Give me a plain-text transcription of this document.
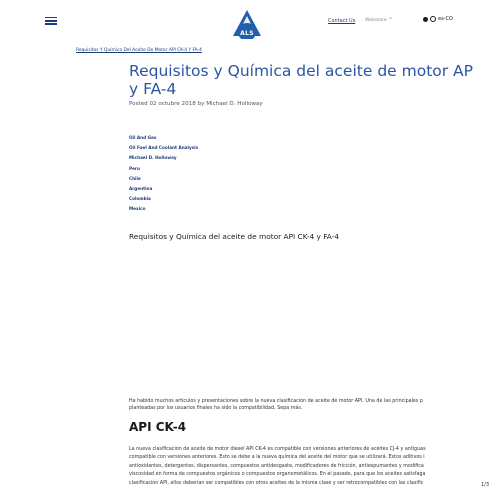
ALS
Contact Us Webstore ™	es-CO
Requisitos Y Química Del Aceite De Motor API CK-4 Y FA-4
Requisitos y Química del aceite de motor AP
y FA-4
Posted 02 octubre 2018 by Michael D. Holloway
Oil And Gas
Oil Fuel And Coolant Analysis
Michael D. Holloway
Peru
Chile
Argentina
Colombia
Mexico
Requisitos y Química del aceite de motor API CK-4 y FA-4
Ha habido muchos artículos y presentaciones sobre la nueva clasificación de aceite de motor API. Una de las principales p
planteadas por los usuarios finales ha sido la compatibilidad. Sepa más.
API CK-4
La nueva clasificación de aceite de motor diesel API CK-4 es compatible con versiones anteriores de aceites CJ-4 y antiguas
compatible con versiones anteriores. Esto se debe a la nueva química del aceite del motor que se utilizará. Estos aditivos i
antioxidantes, detergentes, dispersantes, compuestos antidesgaste, modificadores de fricción, antiespumantes y modifica
viscosidad en forma de compuestos orgánicos o compuestos organometálicos. En el pasado, para que los aceites satisfaga
clasificación API, ellos deberían ser compatibles con otros aceites de la misma clase y ser retrocompatibles con las clasific	1/3
